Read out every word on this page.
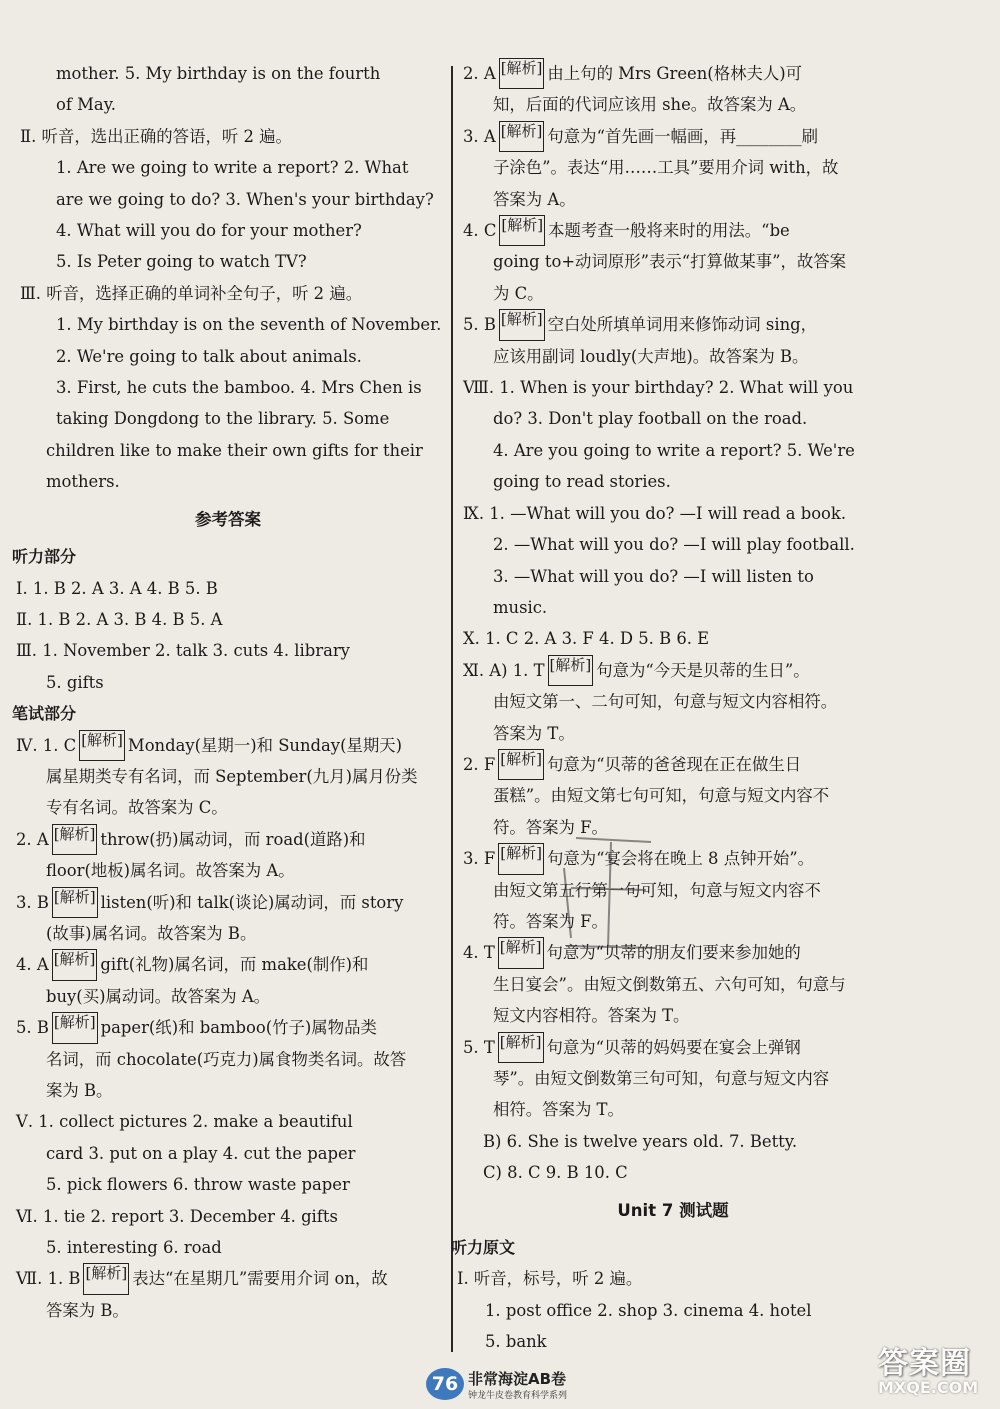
mother. 5. My birthday is on the fourth
of May.
Ⅱ. 听音，选出正确的答语，听 2 遍。
1. Are we going to write a report? 2. What
are we going to do? 3. When's your birthday?
4. What will you do for your mother?
5. Is Peter going to watch TV?
Ⅲ. 听音，选择正确的单词补全句子，听 2 遍。
1. My birthday is on the seventh of November.
2. We're going to talk about animals.
3. First, he cuts the bamboo. 4. Mrs Chen is
taking Dongdong to the library. 5. Some
children like to make their own gifts for their
mothers.
参考答案
听力部分
Ⅰ. 1. B 2. A 3. A 4. B 5. B
Ⅱ. 1. B 2. A 3. B 4. B 5. A
Ⅲ. 1. November 2. talk 3. cuts 4. library
5. gifts
笔试部分
Ⅳ. 1. C [解析] Monday(星期一)和 Sunday(星期天)
属星期类专有名词，而 September(九月)属月份类
专有名词。故答案为 C。
2. A [解析] throw(扔)属动词，而 road(道路)和
floor(地板)属名词。故答案为 A。
3. B [解析] listen(听)和 talk(谈论)属动词，而 story
(故事)属名词。故答案为 B。
4. A [解析] gift(礼物)属名词，而 make(制作)和
buy(买)属动词。故答案为 A。
5. B [解析] paper(纸)和 bamboo(竹子)属物品类
名词，而 chocolate(巧克力)属食物类名词。故答
案为 B。
Ⅴ. 1. collect pictures 2. make a beautiful
card 3. put on a play 4. cut the paper
5. pick flowers 6. throw waste paper
Ⅵ. 1. tie 2. report 3. December 4. gifts
5. interesting 6. road
Ⅶ. 1. B [解析] 表达“在星期几”需要用介词 on，故
答案为 B。
2. A [解析] 由上句的 Mrs Green(格林夫人)可
知，后面的代词应该用 she。故答案为 A。
3. A [解析] 句意为“首先画一幅画，再________刷
子涂色”。表达“用……工具”要用介词 with，故
答案为 A。
4. C [解析] 本题考查一般将来时的用法。“be
going to+动词原形”表示“打算做某事”，故答案
为 C。
5. B [解析] 空白处所填单词用来修饰动词 sing，
应该用副词 loudly(大声地)。故答案为 B。
Ⅷ. 1. When is your birthday? 2. What will you
do? 3. Don't play football on the road.
4. Are you going to write a report? 5. We're
going to read stories.
Ⅸ. 1. —What will you do? —I will read a book.
2. —What will you do? —I will play football.
3. —What will you do? —I will listen to
music.
Ⅹ. 1. C 2. A 3. F 4. D 5. B 6. E
Ⅺ. A) 1. T [解析] 句意为“今天是贝蒂的生日”。
由短文第一、二句可知，句意与短文内容相符。
答案为 T。
2. F [解析] 句意为“贝蒂的爸爸现在正在做生日
蛋糕”。由短文第七句可知，句意与短文内容不
符。答案为 F。
3. F [解析] 句意为“宴会将在晚上 8 点钟开始”。
由短文第五行第一句可知，句意与短文内容不
符。答案为 F。
4. T [解析] 句意为“贝蒂的朋友们要来参加她的
生日宴会”。由短文倒数第五、六句可知，句意与
短文内容相符。答案为 T。
5. T [解析] 句意为“贝蒂的妈妈要在宴会上弹钢
琴”。由短文倒数第三句可知，句意与短文内容
相符。答案为 T。
B) 6. She is twelve years old. 7. Betty.
C) 8. C 9. B 10. C
Unit 7 测试题
听力原文
Ⅰ. 听音，标号，听 2 遍。
1. post office 2. shop 3. cinema 4. hotel
5. bank
76 非常海淀AB卷
钟龙牛皮卷教育科学系列
答案圈
MXQE.COM
